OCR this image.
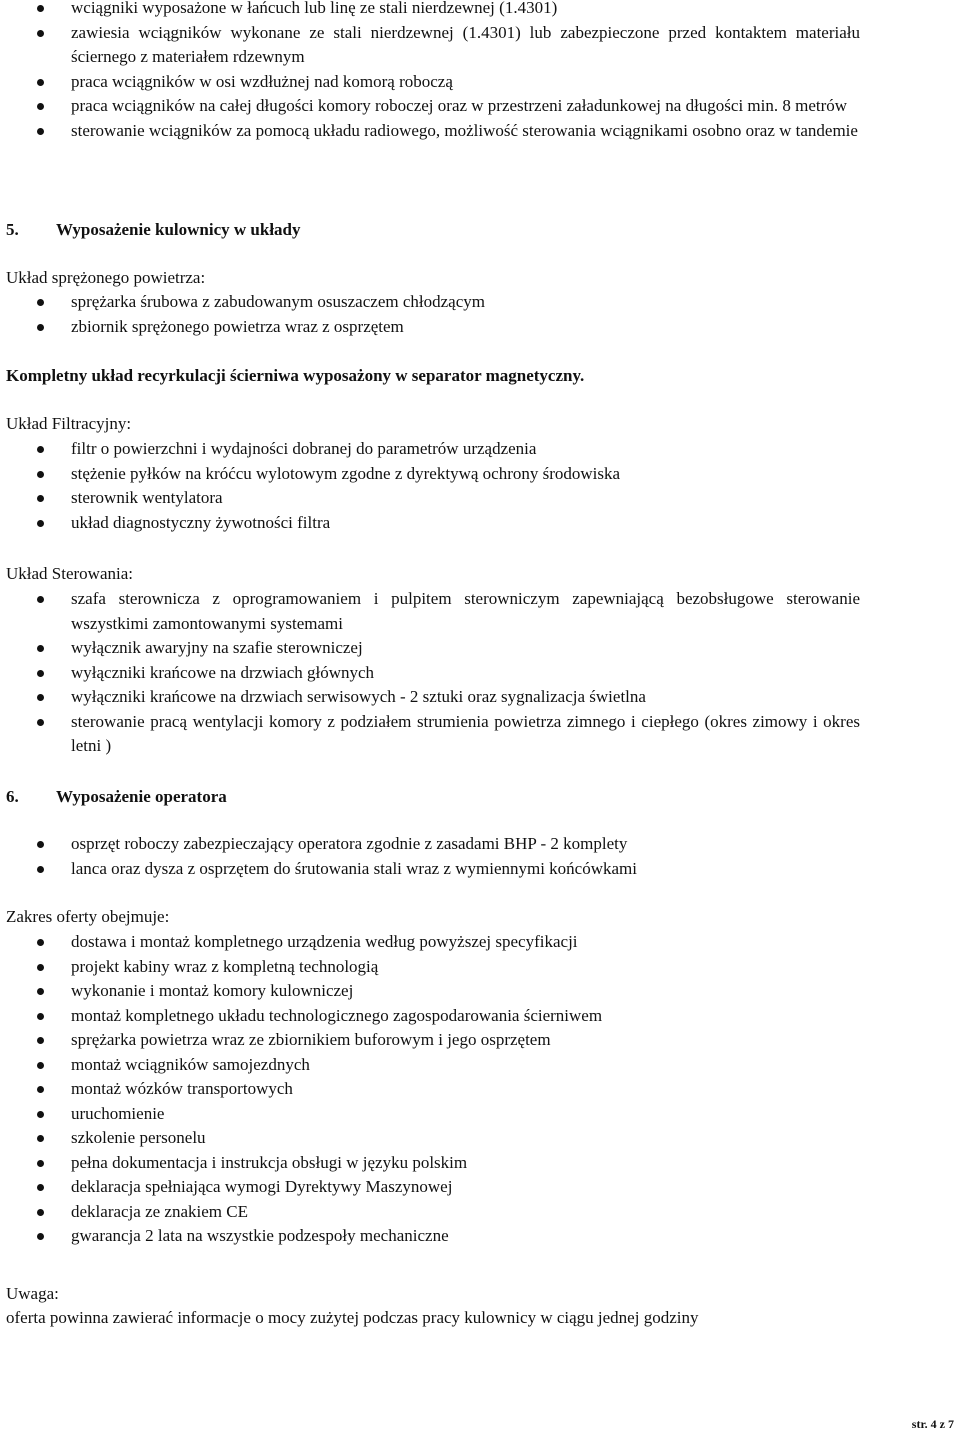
wciągniki wyposażone w łańcuch lub linę ze stali nierdzewnej (1.4301)
zawiesia wciągników wykonane ze stali nierdzewnej (1.4301) lub zabezpieczone przed kontaktem materiału ściernego z materiałem rdzewnym
praca wciągników w osi wzdłużnej nad komorą roboczą
praca wciągników na całej długości komory roboczej oraz w przestrzeni załadunkowej na długości min. 8 metrów
sterowanie wciągników za pomocą układu radiowego, możliwość sterowania wciągnikami osobno oraz w tandemie
5. Wyposażenie kulownicy w układy
Układ sprężonego powietrza:
sprężarka śrubowa z zabudowanym osuszaczem chłodzącym
zbiornik sprężonego powietrza wraz z osprzętem
Kompletny układ recyrkulacji ścierniwa wyposażony w separator magnetyczny.
Układ Filtracyjny:
filtr o powierzchni i wydajności dobranej do parametrów urządzenia
stężenie pyłków na króćcu wylotowym zgodne z dyrektywą ochrony środowiska
sterownik wentylatora
układ diagnostyczny żywotności filtra
Układ Sterowania:
szafa sterownicza z oprogramowaniem i pulpitem sterowniczym zapewniającą bezobsługowe sterowanie wszystkimi zamontowanymi systemami
wyłącznik awaryjny na szafie sterowniczej
wyłączniki krańcowe na drzwiach głównych
wyłączniki krańcowe na drzwiach serwisowych - 2 sztuki oraz sygnalizacja świetlna
sterowanie pracą wentylacji komory z podziałem strumienia powietrza zimnego i ciepłego (okres zimowy i okres letni )
6. Wyposażenie operatora
osprzęt roboczy zabezpieczający operatora zgodnie z zasadami BHP - 2 komplety
lanca oraz dysza z osprzętem do śrutowania stali wraz z wymiennymi końcówkami
Zakres oferty obejmuje:
dostawa i montaż kompletnego urządzenia według powyższej specyfikacji
projekt kabiny wraz z kompletną technologią
wykonanie i montaż komory kulowniczej
montaż kompletnego układu technologicznego zagospodarowania ścierniwem
sprężarka powietrza wraz ze zbiornikiem buforowym i jego osprzętem
montaż wciągników samojezdnych
montaż wózków transportowych
uruchomienie
szkolenie personelu
pełna dokumentacja i instrukcja obsługi w języku polskim
deklaracja spełniająca wymogi Dyrektywy Maszynowej
deklaracja ze znakiem CE
gwarancja 2 lata na wszystkie podzespoły mechaniczne
Uwaga:
oferta powinna zawierać informacje o mocy zużytej podczas pracy kulownicy w ciągu jednej godziny
str. 4 z 7
